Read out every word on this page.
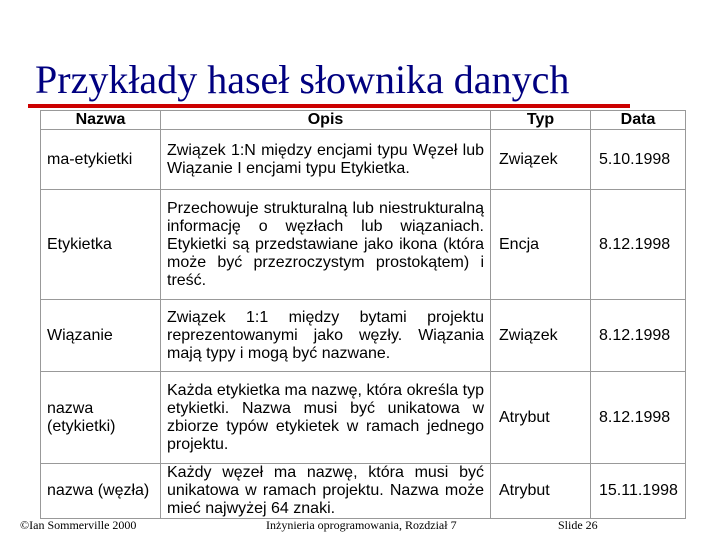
Przykłady haseł słownika danych
Nazwa	Opis	Typ	Data
ma-etykietki	Związek 1:N między encjami typu Węzeł lub Wiązanie I encjami typu Etykietka.	Związek	5.10.1998
Etykietka	Przechowuje strukturalną lub niestrukturalną informację o węzłach lub wiązaniach. Etykietki są przedstawiane jako ikona (która może być przezroczystym prostokątem) i treść.	Encja	8.12.1998
Wiązanie	Związek 1:1 między bytami projektu reprezentowanymi jako węzły. Wiązania mają typy i mogą być nazwane.	Związek	8.12.1998
nazwa (etykietki)	Każda etykietka ma nazwę, która określa typ etykietki. Nazwa musi być unikatowa w zbiorze typów etykietek w ramach jednego projektu.	Atrybut	8.12.1998
nazwa (węzła)	Każdy węzeł ma nazwę, która musi być unikatowa w ramach projektu. Nazwa może mieć najwyżej 64 znaki.	Atrybut	15.11.1998
©Ian Sommerville 2000	Inżynieria oprogramowania, Rozdział 7	Slide 26
